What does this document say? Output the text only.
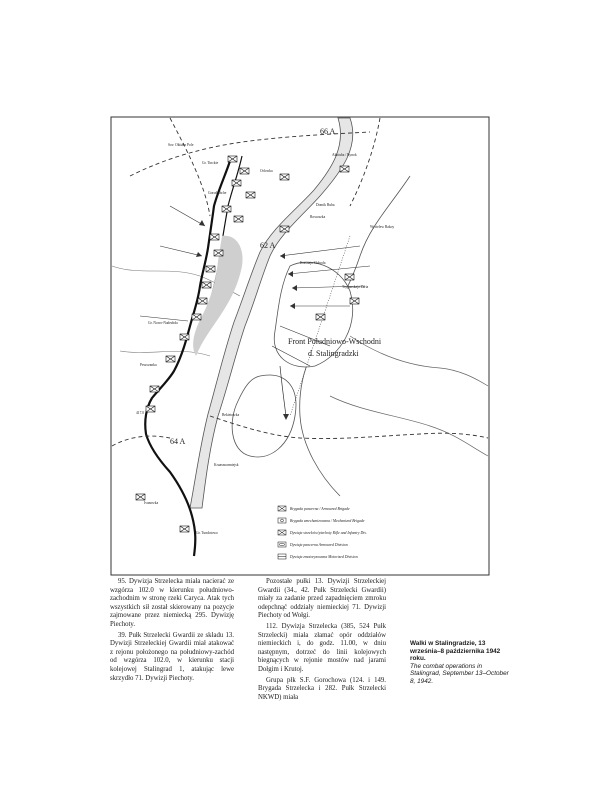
66 A
62 A
64 A
Front Południowo-Wschodni
d. Stalingradzki
Sov. Oktiabr Pole
Gr. Tinckte
Orlowka
Gorodishche
Akhtuba / Rynok
Domik Buba
Rossoszka
Wyrielew Bakoy
Krasnaja Sloboda
Tsyganskaja Zaria
Peszczanka
Gr. Nowo-Nadezhda
Bekietowka
Gr. Tundotowo
Kruasnoarmiejsk
417.0
Ivanowka
Brygada pancerna / Armoured Brigade
Brygada zmechanizowana / Mechanized Brigade
Dywizja strzelców/piechoty Rifle and Infantry Div.
Dywizja pancerna Armoured Division
Dywizja zmotoryzowana Motorized Division

95. Dywizja Strzelecka miała nacierać ze wzgórza 102.0 w kierunku południowo-zachodnim w stronę rzeki Caryca. Atak tych wszystkich sił został skierowany na pozycje zajmowane przez niemiecką 295. Dywizję Piechoty.

39. Pułk Strzelecki Gwardii ze składu 13. Dywizji Strzeleckiej Gwardii miał atakować z rejonu położonego na południowy-zachód od wzgórza 102.0, w kierunku stacji kolejowej Stalingrad 1, atakując lewe skrzydło 71. Dywizji Piechoty.

Pozostałe pułki 13. Dywizji Strzeleckiej Gwardii (34., 42. Pułk Strzelecki Gwardii) miały za zadanie przed zapadnięciem zmroku odepchnąć oddziały niemieckiej 71. Dywizji Piechoty od Wołgi.

112. Dywizja Strzelecka (385, 524 Pułk Strzelecki) miała złamać opór oddziałów niemieckich i, do godz. 11.00, w dniu następnym, dotrzeć do linii kolejowych biegnących w rejonie mostów nad jarami Dołgim i Krutoj.

Grupa płk S.F. Gorochowa (124. i 149. Brygada Strzelecka i 282. Pułk Strzelecki NKWD) miała

Walki w Stalingradzie, 13 września–8 października 1942 roku.
The combat operations in Stalingrad, September 13–October 8, 1942.
